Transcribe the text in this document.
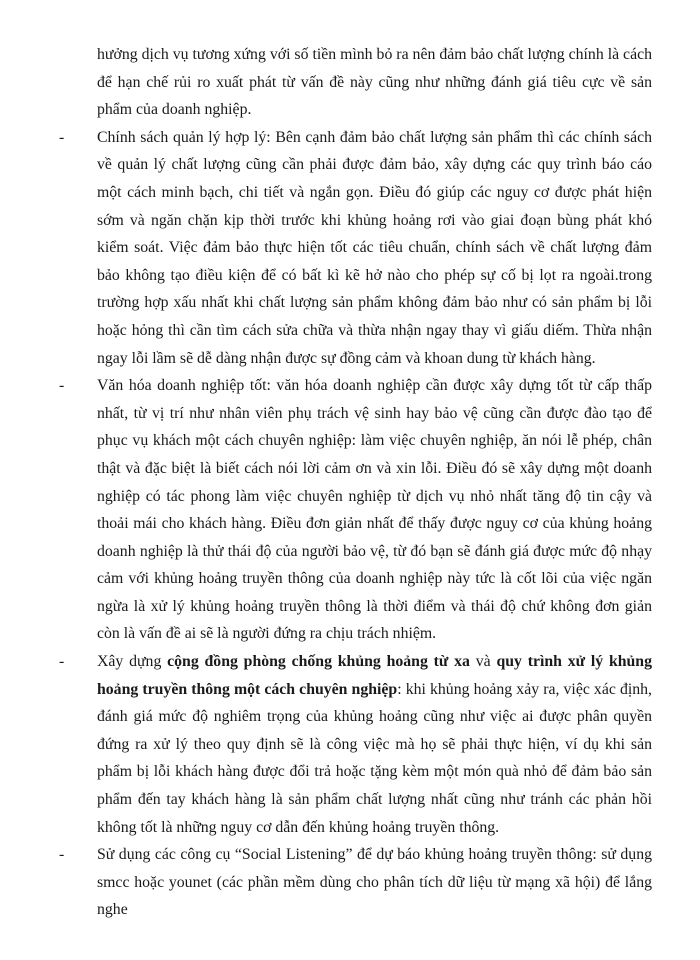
hưởng dịch vụ tương xứng với số tiền mình bỏ ra nên đảm bảo chất lượng chính là cách để hạn chế rủi ro xuất phát từ vấn đề này cũng như những đánh giá tiêu cực về sản phẩm của doanh nghiệp.

-	Chính sách quản lý hợp lý: Bên cạnh đảm bảo chất lượng sản phẩm thì các chính sách về quản lý chất lượng cũng cần phải được đảm bảo, xây dựng các quy trình báo cáo một cách minh bạch, chi tiết và ngắn gọn. Điều đó giúp các nguy cơ được phát hiện sớm và ngăn chặn kịp thời trước khi khủng hoảng rơi vào giai đoạn bùng phát khó kiểm soát. Việc đảm bảo thực hiện tốt các tiêu chuẩn, chính sách về chất lượng đảm bảo không tạo điều kiện để có bất kì kẽ hở nào cho phép sự cố bị lọt ra ngoài.trong trường hợp xấu nhất khi chất lượng sản phẩm không đảm bảo như có sản phẩm bị lỗi hoặc hỏng thì cần tìm cách sửa chữa và thừa nhận ngay thay vì giấu diếm. Thừa nhận ngay lỗi lầm sẽ dễ dàng nhận được sự đồng cảm và khoan dung từ khách hàng.

-	Văn hóa doanh nghiệp tốt: văn hóa doanh nghiệp cần được xây dựng tốt từ cấp thấp nhất, từ vị trí như nhân viên phụ trách vệ sinh hay bảo vệ cũng cần được đào tạo để phục vụ khách một cách chuyên nghiệp: làm việc chuyên nghiệp, ăn nói lễ phép, chân thật và đặc biệt là biết cách nói lời cảm ơn và xin lỗi. Điều đó sẽ xây dựng một doanh nghiệp có tác phong làm việc chuyên nghiệp từ dịch vụ nhỏ nhất tăng độ tin cậy và thoải mái cho khách hàng. Điều đơn giản nhất để thấy được nguy cơ của khủng hoảng doanh nghiệp là thử thái độ của người bảo vệ, từ đó bạn sẽ đánh giá được mức độ nhạy cảm với khủng hoảng truyền thông của doanh nghiệp này tức là cốt lõi của việc ngăn ngừa là xử lý khủng hoảng truyền thông là thời điểm và thái độ chứ không đơn giản còn là vấn đề ai sẽ là người đứng ra chịu trách nhiệm.

-	Xây dựng cộng đồng phòng chống khủng hoảng từ xa và quy trình xử lý khủng hoảng truyền thông một cách chuyên nghiệp: khi khủng hoảng xảy ra, việc xác định, đánh giá mức độ nghiêm trọng của khủng hoảng cũng như việc ai được phân quyền đứng ra xử lý theo quy định sẽ là công việc mà họ sẽ phải thực hiện, ví dụ khi sản phẩm bị lỗi khách hàng được đổi trả hoặc tặng kèm một món quà nhỏ để đảm bảo sản phẩm đến tay khách hàng là sản phẩm chất lượng nhất cũng như tránh các phản hồi không tốt là những nguy cơ dẫn đến khủng hoảng truyền thông.

-	Sử dụng các công cụ “Social Listening” để dự báo khủng hoảng truyền thông: sử dụng smcc hoặc younet (các phần mềm dùng cho phân tích dữ liệu từ mạng xã hội) để lắng nghe
